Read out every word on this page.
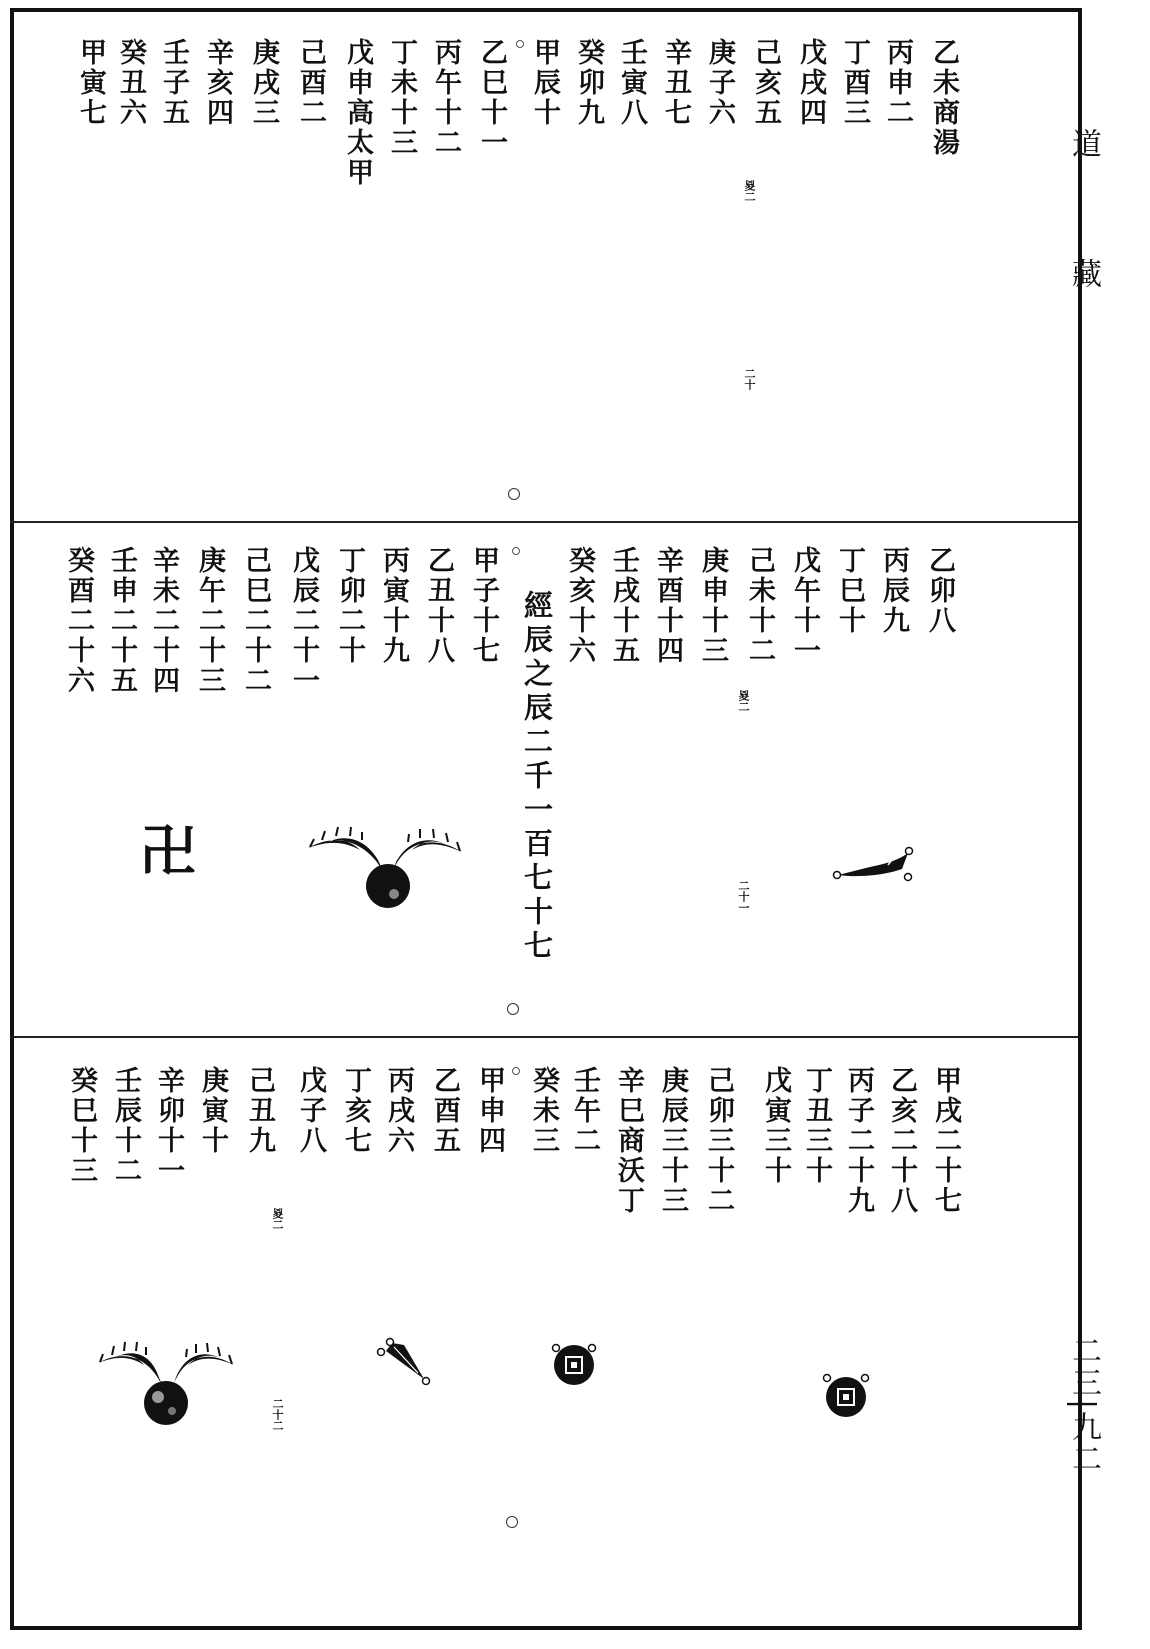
道
藏
二三|九二
乙未商湯
丙申二
丁酉三
戊戌四
己亥五
庚子六
辛丑七
壬寅八
癸卯九
甲辰十
乙巳十一
丙午十二
丁未十三
戊申高太甲
己酉二
庚戌三
辛亥四
壬子五
癸丑六
甲寅七
㚇二
二十
乙卯八
丙辰九
丁巳十
戊午十一
己未十二
庚申十三
辛酉十四
壬戌十五
癸亥十六
甲子十七
乙丑十八
丙寅十九
丁卯二十
戊辰二十一
己巳二十二
庚午二十三
辛未二十四
壬申二十五
癸酉二十六	經辰之辰二千一百七十七	㚇二
二十一
卍
甲戌二十七
乙亥二十八
丙子二十九
丁丑三十
戊寅三十
己卯三十二
庚辰三十三
辛巳商沃丁
壬午二
癸未三
甲申四
乙酉五
丙戌六
丁亥七
戊子八
己丑九
庚寅十
辛卯十一
壬辰十二
癸巳十三
㚇二
二十二
